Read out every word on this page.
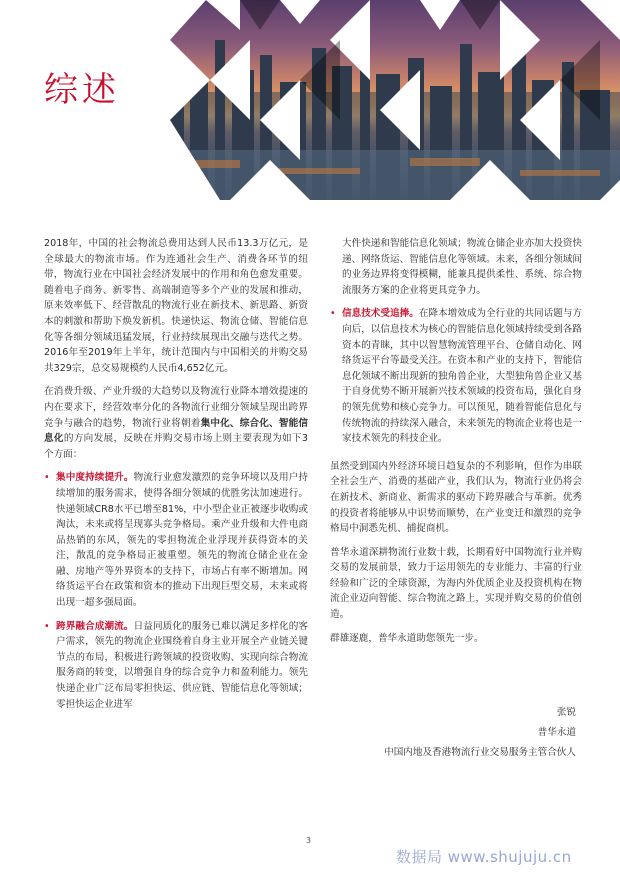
综述

2018年，中国的社会物流总费用达到人民币13.3万亿元，是全球最大的物流市场。作为连通社会生产、消费各环节的纽带，物流行业在中国社会经济发展中的作用和角色愈发重要。随着电子商务、新零售、高端制造等多个产业的发展和推动，原来效率低下、经营散乱的物流行业在新技术、新思路、新资本的刺激和帮助下焕发新机。快递快运、物流仓储、智能信息化等各细分领域迅猛发展，行业持续展现出交融与迭代之势。2016年至2019年上半年，统计范围内与中国相关的并购交易共329宗，总交易规模约人民币4,652亿元。

在消费升级、产业升级的大趋势以及物流行业降本增效提速的内在要求下，经营效率分化的各物流行业细分领域呈现出跨界竞争与融合的趋势，物流行业将朝着集中化、综合化、智能信息化的方向发展，反映在并购交易市场上则主要表现为如下3个方面：

• 集中度持续提升。物流行业愈发激烈的竞争环境以及用户持续增加的服务需求，使得各细分领域的优胜劣汰加速进行。快递领域CR8水平已增至81%，中小型企业正被逐步收购或淘汰，未来或将呈现寡头竞争格局。乘产业升级和大件电商品热销的东风，领先的零担物流企业浮现并获得资本的关注，散乱的竞争格局正被重塑。领先的物流仓储企业在金融、房地产等外界资本的支持下，市场占有率不断增加。网络货运平台在政策和资本的推动下出现巨型交易，未来或将出现一超多强局面。
• 跨界融合成潮流。日益同质化的服务已难以满足多样化的客户需求，领先的物流企业围绕着自身主业开展全产业链关键节点的布局，积极进行跨领域的投资收购、实现向综合物流服务商的转变，以增强自身的综合竞争力和盈利能力。领先快递企业广泛布局零担快运、供应链、智能信息化等领域；零担快运企业进军

大件快递和智能信息化领域；物流仓储企业亦加大投资快递、网络货运、智能信息化等领域。未来，各细分领域间的业务边界将变得模糊，能兼具提供柔性、系统、综合物流服务方案的企业将更具竞争力。

• 信息技术受追捧。在降本增效成为全行业的共同话题与方向后，以信息技术为核心的智能信息化领域持续受到各路资本的青睐，其中以智慧物流管理平台、仓储自动化、网络货运平台等最受关注。在资本和产业的支持下，智能信息化领域不断出现新的独角兽企业，大型独角兽企业又基于自身优势不断开展新兴技术领域的投资布局，强化自身的领先优势和核心竞争力。可以预见，随着智能信息化与传统物流的持续深入融合，未来领先的物流企业将也是一家技术领先的科技企业。

虽然受到国内外经济环境日趋复杂的不利影响，但作为串联全社会生产、消费的基础产业，我们认为，物流行业仍将会在新技术、新商业、新需求的驱动下跨界融合与革新。优秀的投资者将能够从中识势而顺势，在产业变迁和激烈的竞争格局中洞悉先机、捕捉商机。

普华永道深耕物流行业数十载，长期看好中国物流行业并购交易的发展前景，致力于运用领先的专业能力、丰富的行业经验和广泛的全球资源，为海内外优质企业及投资机构在物流企业迈向智能、综合物流之路上，实现并购交易的价值创造。

群雄逐鹿，普华永道助您领先一步。

张锐
普华永道
中国内地及香港物流行业交易服务主管合伙人
3
数据局 www.shujuju.cn
